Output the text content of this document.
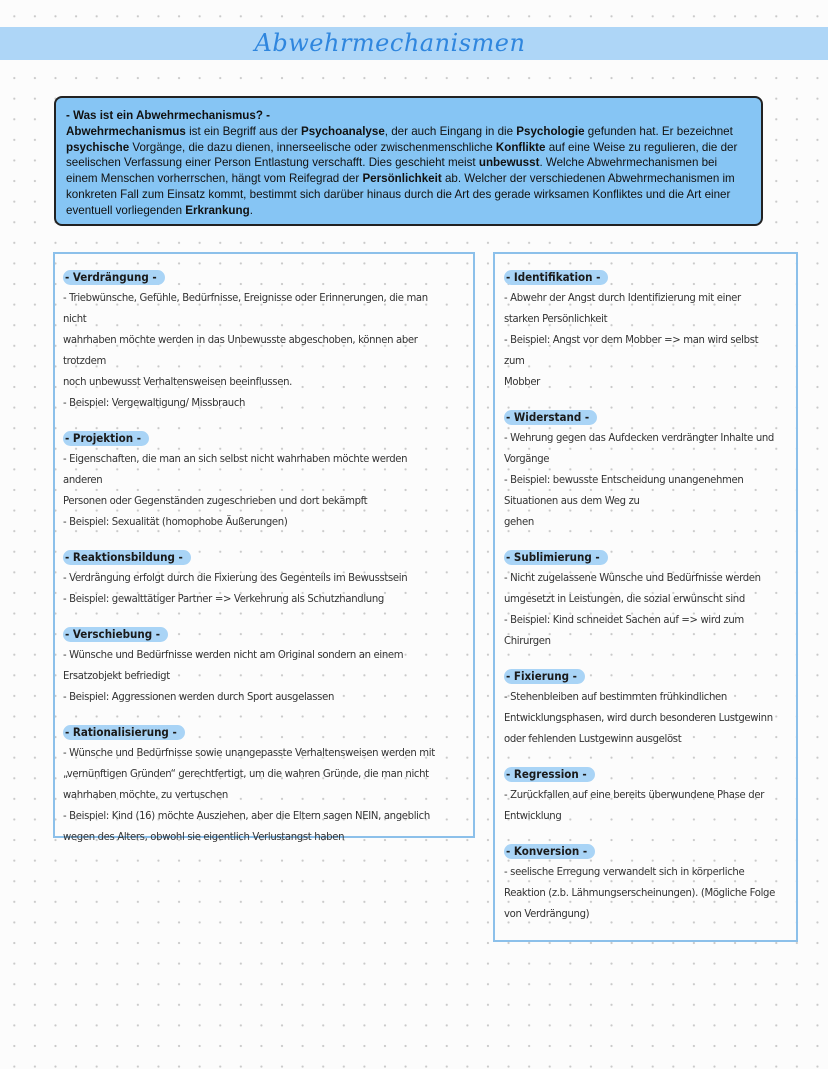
Abwehrmechanismen

- Was ist ein Abwehrmechanismus? -

Abwehrmechanismus ist ein Begriff aus der Psychoanalyse, der auch Eingang in die Psychologie gefunden hat. Er bezeichnet psychische Vorgänge, die dazu dienen, innerseelische oder zwischenmenschliche Konflikte auf eine Weise zu regulieren, die der seelischen Verfassung einer Person Entlastung verschafft. Dies geschieht meist unbewusst. Welche Abwehrmechanismen bei einem Menschen vorherrschen, hängt vom Reifegrad der Persönlichkeit ab. Welcher der verschiedenen Abwehrmechanismen im konkreten Fall zum Einsatz kommt, bestimmt sich darüber hinaus durch die Art des gerade wirksamen Konfliktes und die Art einer eventuell vorliegenden Erkrankung.

- Verdrängung -
- Triebwünsche, Gefühle, Bedürfnisse, Ereignisse oder Erinnerungen, die man nicht
wahrhaben möchte werden in das Unbewusste abgeschoben, können aber trotzdem
noch unbewusst Verhaltensweisen beeinflussen.
- Beispiel: Vergewaltigung/ Missbrauch
- Projektion -
- Eigenschaften, die man an sich selbst nicht wahrhaben möchte werden anderen
Personen oder Gegenständen zugeschrieben und dort bekämpft
- Beispiel: Sexualität (homophobe Äußerungen)
- Reaktionsbildung -
- Verdrängung erfolgt durch die Fixierung des Gegenteils im Bewusstsein
- Beispiel: gewalttätiger Partner => Verkehrung als Schutzhandlung
- Verschiebung -
- Wünsche und Bedürfnisse werden nicht am Original sondern an einem
Ersatzobjekt befriedigt
- Beispiel: Aggressionen werden durch Sport ausgelassen
- Rationalisierung -
- Wünsche und Bedürfnisse sowie unangepasste Verhaltensweisen werden mit
„vernünftigen Gründen“ gerechtfertigt, um die wahren Gründe, die man nicht
wahrhaben möchte, zu vertuschen
- Beispiel: Kind (16) möchte Ausziehen, aber die Eltern sagen NEIN, angeblich
wegen des Alters, obwohl sie eigentlich Verlustangst haben
- Identifikation -
- Abwehr der Angst durch Identifizierung mit einer
starken Persönlichkeit
- Beispiel: Angst vor dem Mobber => man wird selbst zum
Mobber
- Widerstand -
- Wehrung gegen das Aufdecken verdrängter Inhalte und
Vorgänge
- Beispiel: bewusste Entscheidung unangenehmen
Situationen aus dem Weg zu
gehen
- Sublimierung -
- Nicht zugelassene Wünsche und Bedürfnisse werden
umgesetzt in Leistungen, die sozial erwünscht sind
- Beispiel: Kind schneidet Sachen auf => wird zum
Chirurgen
- Fixierung -
- Stehenbleiben auf bestimmten frühkindlichen
Entwicklungsphasen, wird durch besonderen Lustgewinn
oder fehlenden Lustgewinn ausgelöst
- Regression -
- Zurückfallen auf eine bereits überwundene Phase der
Entwicklung
- Konversion -
- seelische Erregung verwandelt sich in körperliche
Reaktion (z.b. Lähmungserscheinungen). (Mögliche Folge
von Verdrängung)
